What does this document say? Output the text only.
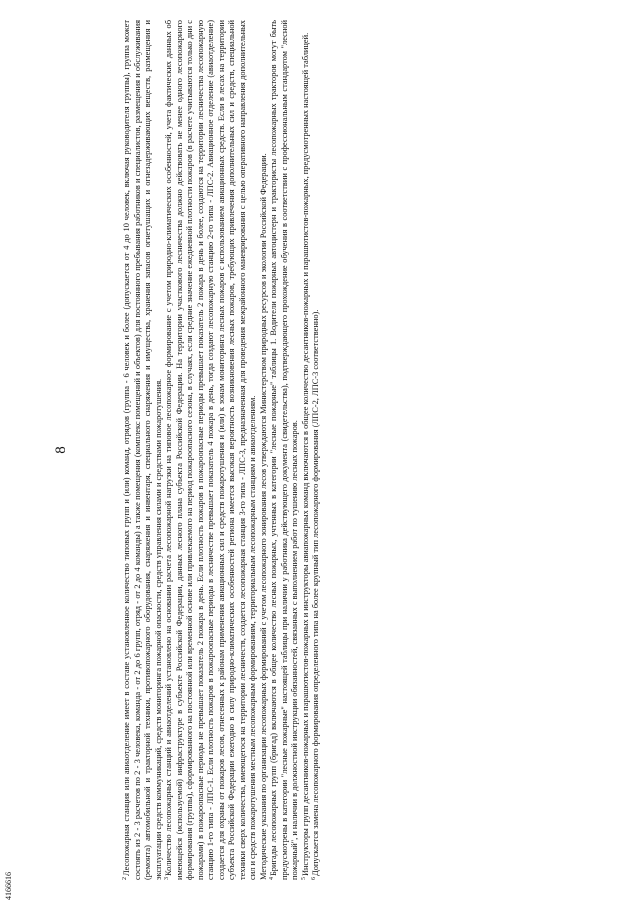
8

$^2$Лесопожарная станция или авиаотделение имеет в составе установленное количество типовых групп и (или) команд, отрядов (группа - 6 человек и более (допускается от 4 до 10 человек, включая руководителя группы), группа может состоять из 2 - 3 расчетов по 2 - 3 человека, команда - от 2 до 6 групп, отряд - от 2 до 4 команды) а также помещения (комплекс помещений и объектов) для постоянного пребывания работников и специалистов, размещения и обслуживания (ремонта) автомобильной и тракторной техники, противопожарного оборудования, снаряжения и инвентаря, специального снаряжения и имущества, хранения запасов огнетушащих и огнезадерживающих веществ, размещения и эксплуатации средств коммуникаций, средств мониторинга пожарной опасности, средств управления силами и средствами пожаротушения. $^3$Количество лесопожарных станций и авиаотделений установлено на основании расчета лесопожарной нагрузки на типовое лесопожарное формирование с учетом природно-климатических особенностей, учета фактических данных об имеющейся (используемой) инфраструктуре в субъекте Российской Федерации, данных лесного плана субъекта Российской Федерации. На территории участкового лесничества должно действовать не менее одного лесопожарного формирования (группы), сформированного на постоянной или временной основе или привлекаемого на период пожароопасного сезона, в случаях, если средние значение ежедневной плотности пожаров (в расчете учитываются только дни с пожарами) в пожароопасные периоды не превышает показатель 2 пожара в день. Если плотность пожаров в пожароопасные периоды превышает показатель 2 пожара в день и более, создаются на территории лесничества лесопожарную станцию 1-го типа - ЛПС-1. Если плотность пожаров в пожароопасные периоды в лесничестве превышает показатель 4 пожара в день, тогда создают лесопожарную станцию 2-го типа - ЛПС-2. Авиационное отделение (авиаотделение) создается для охраны от пожаров лесов, отнесенных к районам применения авиационных сил и средств пожаротушения и (или) к зонам мониторинга лесных пожаров с использованием авиационных средств. Если в лесах на территории субъекта Российской Федерации ежегодно в силу природно-климатических особенностей региона имеется высокая вероятность возникновения лесных пожаров, требующих привлечения дополнительных сил и средств, специальной техники сверх количества, имеющегося на территории лесничеств, создается лесопожарная станция 3-го типа - ЛПС-3, предназначенная для проведения межрайонного маневрирования с целью оперативного направления дополнительных сил и средств пожаротушения местным лесопожарным формированиям, территориальным лесопожарным станциям и авиаотделениям. Методические указания по организации лесопожарных формирований с учетом лесопожарного зонирования лесов утверждаются Министерством природных ресурсов и экологии Российской Федерации. $^4$Бригады лесопожарных групп (бригад) включаются в общее количество лесных пожарных, учтенных в категории "лесные пожарные" таблицы 1. Водители пожарных автоцистерн и трактористы лесопожарных тракторов могут быть предусмотрены в категории "лесные пожарные" настоящей таблицы при наличии у работника действующего документа (свидетельства), подтверждающего прохождение обучения в соответствии с профессиональным стандартом "лесной пожарный", и наличии в должностной инструкции обязанностей, связанных с выполнением работ по тушению лесных пожаров. $^5$Инструкторы групп десантников-пожарных и парашютистов-пожарных и инструкторы авиапожарных команд включаются в общее количество десантников-пожарных и парашютистов-пожарных, предусмотренных настоящей таблицей.

$^6$Допускается замена лесопожарного формирования определенного типа на более крупный тип лесопожарного формирования (ЛПС-2, ЛПС-3 соответственно).

4166616
